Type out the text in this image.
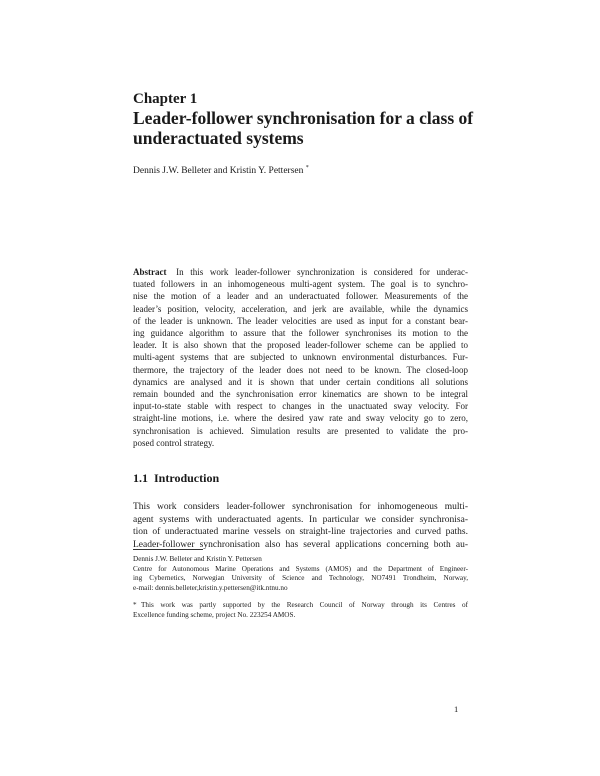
Chapter 1
Leader-follower synchronisation for a class of
underactuated systems
Dennis J.W. Belleter and Kristin Y. Pettersen *
Abstract In this work leader-follower synchronization is considered for underac-
tuated followers in an inhomogeneous multi-agent system. The goal is to synchro-
nise the motion of a leader and an underactuated follower. Measurements of the
leader’s position, velocity, acceleration, and jerk are available, while the dynamics
of the leader is unknown. The leader velocities are used as input for a constant bear-
ing guidance algorithm to assure that the follower synchronises its motion to the
leader. It is also shown that the proposed leader-follower scheme can be applied to
multi-agent systems that are subjected to unknown environmental disturbances. Fur-
thermore, the trajectory of the leader does not need to be known. The closed-loop
dynamics are analysed and it is shown that under certain conditions all solutions
remain bounded and the synchronisation error kinematics are shown to be integral
input-to-state stable with respect to changes in the unactuated sway velocity. For
straight-line motions, i.e. where the desired yaw rate and sway velocity go to zero,
synchronisation is achieved. Simulation results are presented to validate the pro-
posed control strategy.
1.1 Introduction
This work considers leader-follower synchronisation for inhomogeneous multi-
agent systems with underactuated agents. In particular we consider synchronisa-
tion of underactuated marine vessels on straight-line trajectories and curved paths.
Leader-follower synchronisation also has several applications concerning both au-
Dennis J.W. Belleter and Kristin Y. Pettersen
Centre for Autonomous Marine Operations and Systems (AMOS) and the Department of Engineer-
ing Cybernetics, Norwegian University of Science and Technology, NO7491 Trondheim, Norway,
e-mail: dennis.belleter,kristin.y.pettersen@itk.ntnu.no
* This work was partly supported by the Research Council of Norway through its Centres of
Excellence funding scheme, project No. 223254 AMOS.
1
